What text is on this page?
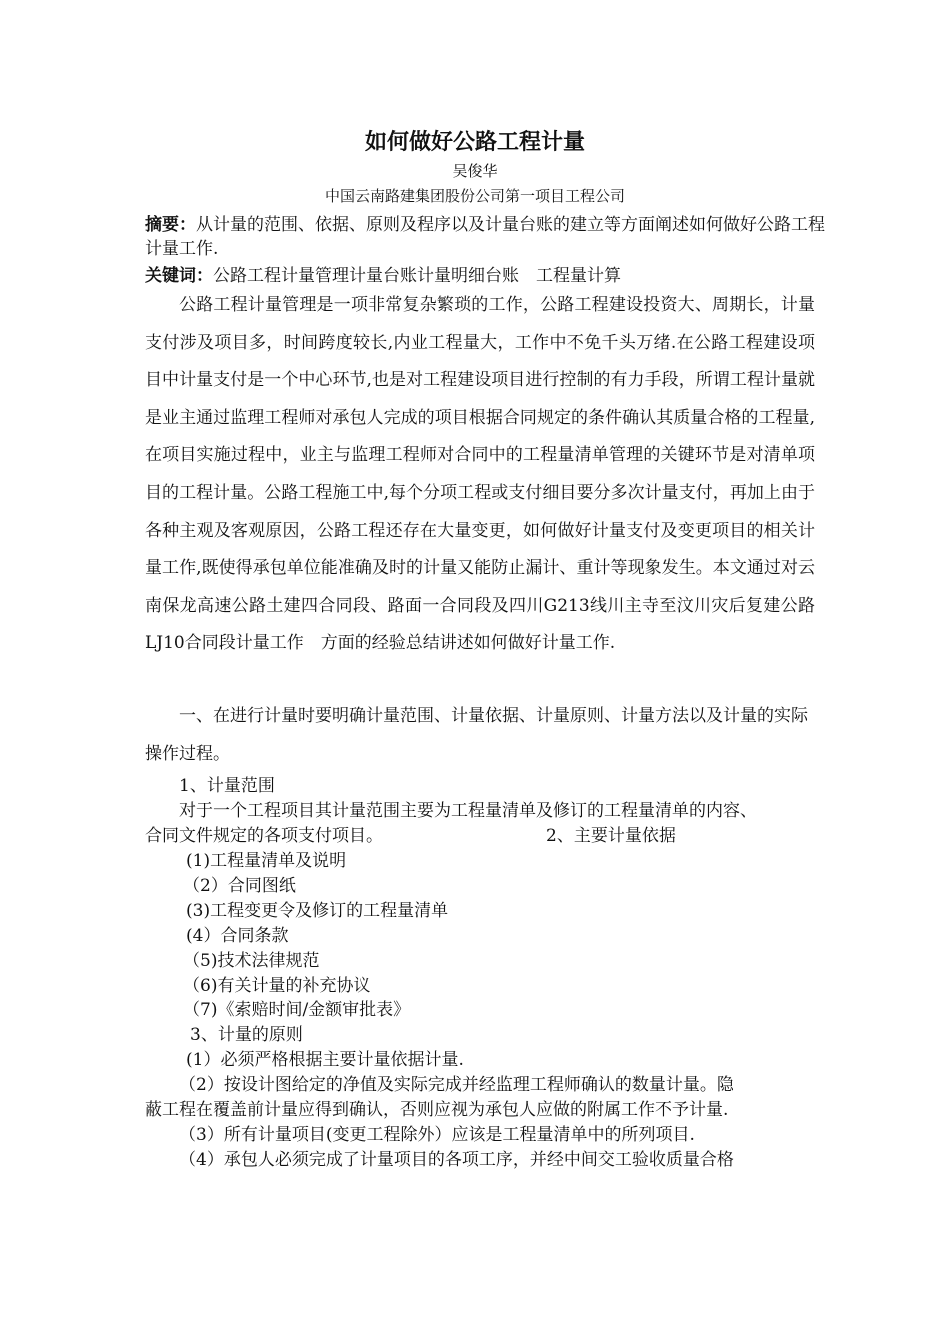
如何做好公路工程计量
吴俊华
中国云南路建集团股份公司第一项目工程公司
摘要：从计量的范围、依据、原则及程序以及计量台账的建立等方面阐述如何做好公路工程计量工作.
关键词：公路工程计量管理计量台账计量明细台账　工程量计算

公路工程计量管理是一项非常复杂繁琐的工作，公路工程建设投资大、周期长，计量支付涉及项目多，时间跨度较长,内业工程量大，工作中不免千头万绪.在公路工程建设项目中计量支付是一个中心环节,也是对工程建设项目进行控制的有力手段，所谓工程计量就是业主通过监理工程师对承包人完成的项目根据合同规定的条件确认其质量合格的工程量,在项目实施过程中，业主与监理工程师对合同中的工程量清单管理的关键环节是对清单项目的工程计量。公路工程施工中,每个分项工程或支付细目要分多次计量支付，再加上由于各种主观及客观原因，公路工程还存在大量变更，如何做好计量支付及变更项目的相关计量工作,既使得承包单位能准确及时的计量又能防止漏计、重计等现象发生。本文通过对云南保龙高速公路土建四合同段、路面一合同段及四川G213线川主寺至汶川灾后复建公路LJ10合同段计量工作　方面的经验总结讲述如何做好计量工作.

一、在进行计量时要明确计量范围、计量依据、计量原则、计量方法以及计量的实际操作过程。

1、计量范围
对于一个工程项目其计量范围主要为工程量清单及修订的工程量清单的内容、
合同文件规定的各项支付项目。	2、主要计量依据
(1)工程量清单及说明
（2）合同图纸
(3)工程变更令及修订的工程量清单
(4）合同条款
（5)技术法律规范
（6)有关计量的补充协议
（7)《索赔时间/金额审批表》
3、计量的原则
(1）必须严格根据主要计量依据计量.
（2）按设计图给定的净值及实际完成并经监理工程师确认的数量计量。隐
蔽工程在覆盖前计量应得到确认，否则应视为承包人应做的附属工作不予计量.
（3）所有计量项目(变更工程除外）应该是工程量清单中的所列项目.
（4）承包人必须完成了计量项目的各项工序，并经中间交工验收质量合格
